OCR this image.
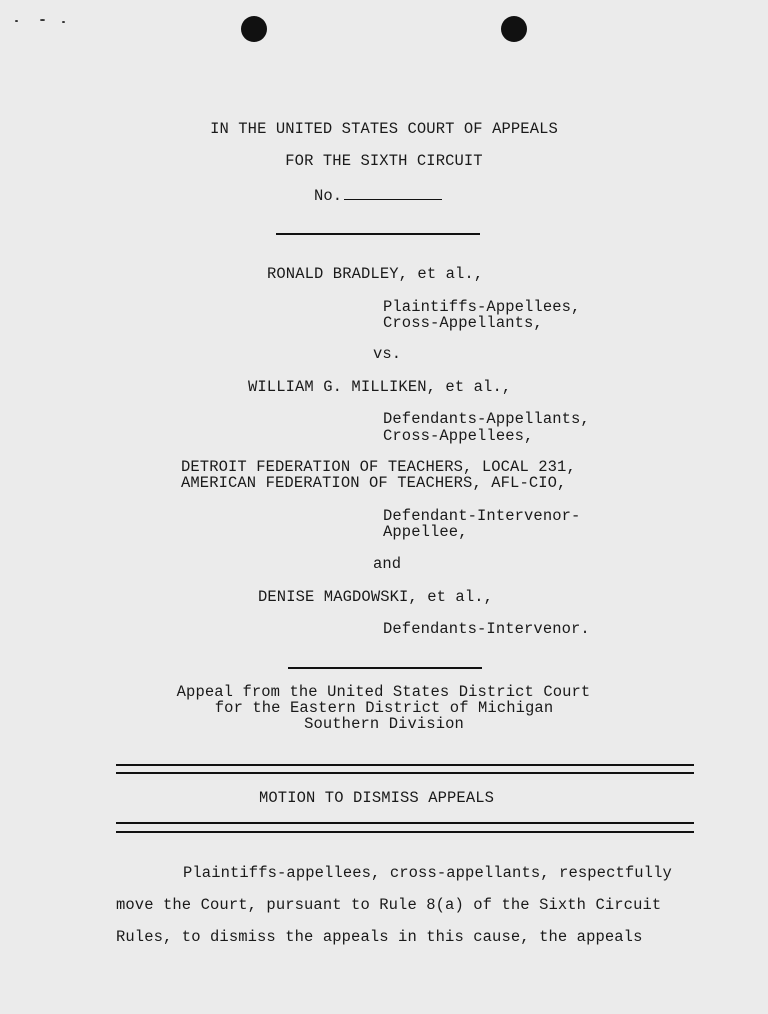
IN THE UNITED STATES COURT OF APPEALS
FOR THE SIXTH CIRCUIT
No.
RONALD BRADLEY, et al.,
Plaintiffs-Appellees,
Cross-Appellants,
vs.
WILLIAM G. MILLIKEN, et al.,
Defendants-Appellants,
Cross-Appellees,
DETROIT FEDERATION OF TEACHERS, LOCAL 231,
AMERICAN FEDERATION OF TEACHERS, AFL-CIO,
Defendant-Intervenor-
Appellee,
and
DENISE MAGDOWSKI, et al.,
Defendants-Intervenor.
Appeal from the United States District Court
for the Eastern District of Michigan
Southern Division
MOTION TO DISMISS APPEALS
Plaintiffs-appellees, cross-appellants, respectfully
move the Court, pursuant to Rule 8(a) of the Sixth Circuit
Rules, to dismiss the appeals in this cause, the appeals
